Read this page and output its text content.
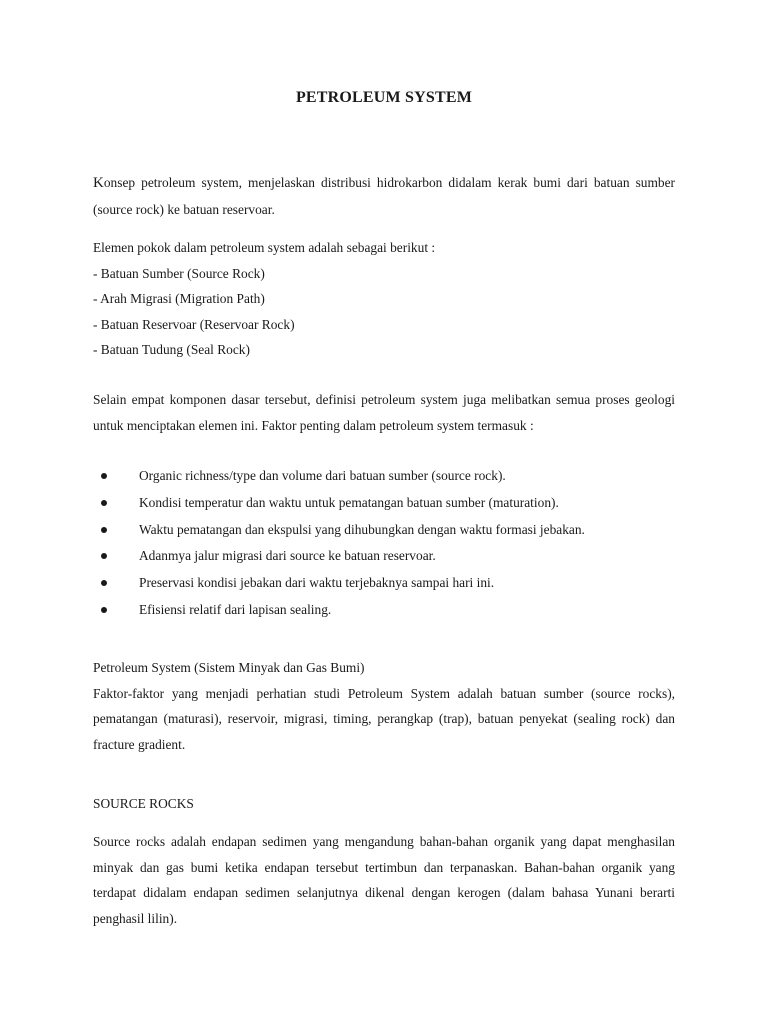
PETROLEUM SYSTEM

Konsep petroleum system, menjelaskan distribusi hidrokarbon didalam kerak bumi dari batuan sumber (source rock) ke batuan reservoar.

Elemen pokok dalam petroleum system adalah sebagai berikut :
- Batuan Sumber (Source Rock)
- Arah Migrasi (Migration Path)
- Batuan Reservoar (Reservoar Rock)
- Batuan Tudung (Seal Rock)

Selain empat komponen dasar tersebut, definisi petroleum system juga melibatkan semua proses geologi untuk menciptakan elemen ini. Faktor penting dalam petroleum system termasuk :

Organic richness/type dan volume dari batuan sumber (source rock).
Kondisi temperatur dan waktu untuk pematangan batuan sumber (maturation).
Waktu pematangan dan ekspulsi yang dihubungkan dengan waktu formasi jebakan.
Adanmya jalur migrasi dari source ke batuan reservoar.
Preservasi kondisi jebakan dari waktu terjebaknya sampai hari ini.
Efisiensi relatif dari lapisan sealing.
Petroleum System (Sistem Minyak dan Gas Bumi)
Faktor-faktor yang menjadi perhatian studi Petroleum System adalah batuan sumber (source rocks), pematangan (maturasi), reservoir, migrasi, timing, perangkap (trap), batuan penyekat (sealing rock) dan fracture gradient.

SOURCE ROCKS

Source rocks adalah endapan sedimen yang mengandung bahan-bahan organik yang dapat menghasilan minyak dan gas bumi ketika endapan tersebut tertimbun dan terpanaskan. Bahan-bahan organik yang terdapat didalam endapan sedimen selanjutnya dikenal dengan kerogen (dalam bahasa Yunani berarti penghasil lilin).
